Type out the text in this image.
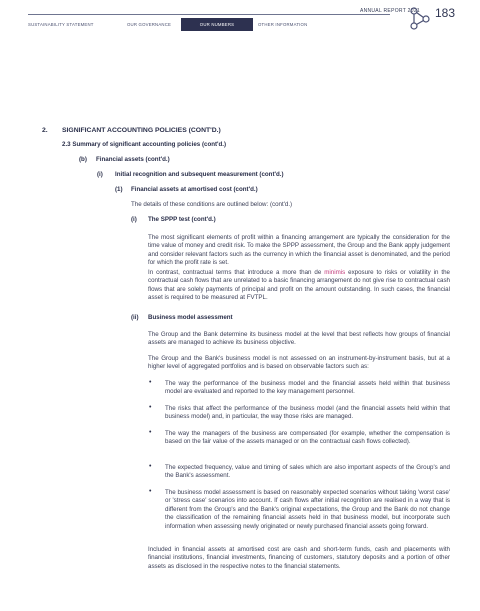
ANNUAL REPORT 2021 183
SUSTAINABILITY STATEMENT	OUR GOVERNANCE	OUR NUMBERS	OTHER INFORMATION
2. SIGNIFICANT ACCOUNTING POLICIES (CONT'D.)
2.3 Summary of significant accounting policies (cont'd.)
(b) Financial assets (cont'd.)
(i) Initial recognition and subsequent measurement (cont'd.)
(1) Financial assets at amortised cost (cont'd.)
The details of these conditions are outlined below: (cont'd.)
(i) The SPPP test (cont'd.)
The most significant elements of profit within a financing arrangement are typically the consideration for the time value of money and credit risk. To make the SPPP assessment, the Group and the Bank apply judgement and consider relevant factors such as the currency in which the financial asset is denominated, and the period for which the profit rate is set.
In contrast, contractual terms that introduce a more than de minimis exposure to risks or volatility in the contractual cash flows that are unrelated to a basic financing arrangement do not give rise to contractual cash flows that are solely payments of principal and profit on the amount outstanding. In such cases, the financial asset is required to be measured at FVTPL.
(ii) Business model assessment
The Group and the Bank determine its business model at the level that best reflects how groups of financial assets are managed to achieve its business objective.
The Group and the Bank's business model is not assessed on an instrument-by-instrument basis, but at a higher level of aggregated portfolios and is based on observable factors such as:
• The way the performance of the business model and the financial assets held within that business model are evaluated and reported to the key management personnel.
• The risks that affect the performance of the business model (and the financial assets held within that business model) and, in particular, the way those risks are managed.
• The way the managers of the business are compensated (for example, whether the compensation is based on the fair value of the assets managed or on the contractual cash flows collected).
• The expected frequency, value and timing of sales which are also important aspects of the Group's and the Bank's assessment.
• The business model assessment is based on reasonably expected scenarios without taking 'worst case' or 'stress case' scenarios into account. If cash flows after initial recognition are realised in a way that is different from the Group's and the Bank's original expectations, the Group and the Bank do not change the classification of the remaining financial assets held in that business model, but incorporate such information when assessing newly originated or newly purchased financial assets going forward.
Included in financial assets at amortised cost are cash and short-term funds, cash and placements with financial institutions, financial investments, financing of customers, statutory deposits and a portion of other assets as disclosed in the respective notes to the financial statements.
